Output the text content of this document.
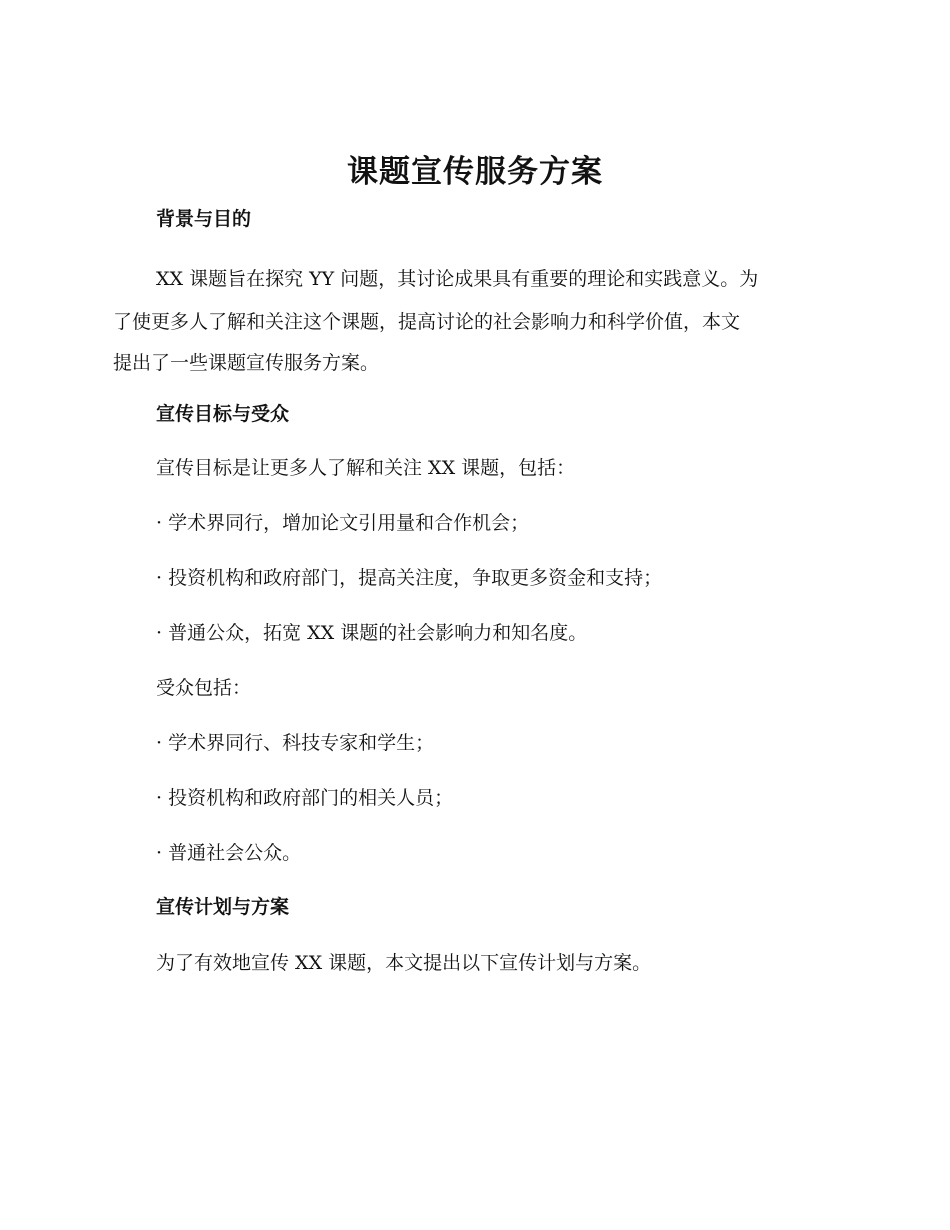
课题宣传服务方案
背景与目的

XX 课题旨在探究 YY 问题，其讨论成果具有重要的理论和实践意义。为
了使更多人了解和关注这个课题，提高讨论的社会影响力和科学价值，本文
提出了一些课题宣传服务方案。

宣传目标与受众

宣传目标是让更多人了解和关注 XX 课题，包括：

· 学术界同行，增加论文引用量和合作机会；

· 投资机构和政府部门，提高关注度，争取更多资金和支持；

· 普通公众，拓宽 XX 课题的社会影响力和知名度。

受众包括：

· 学术界同行、科技专家和学生；

· 投资机构和政府部门的相关人员；

· 普通社会公众。

宣传计划与方案

为了有效地宣传 XX 课题，本文提出以下宣传计划与方案。
